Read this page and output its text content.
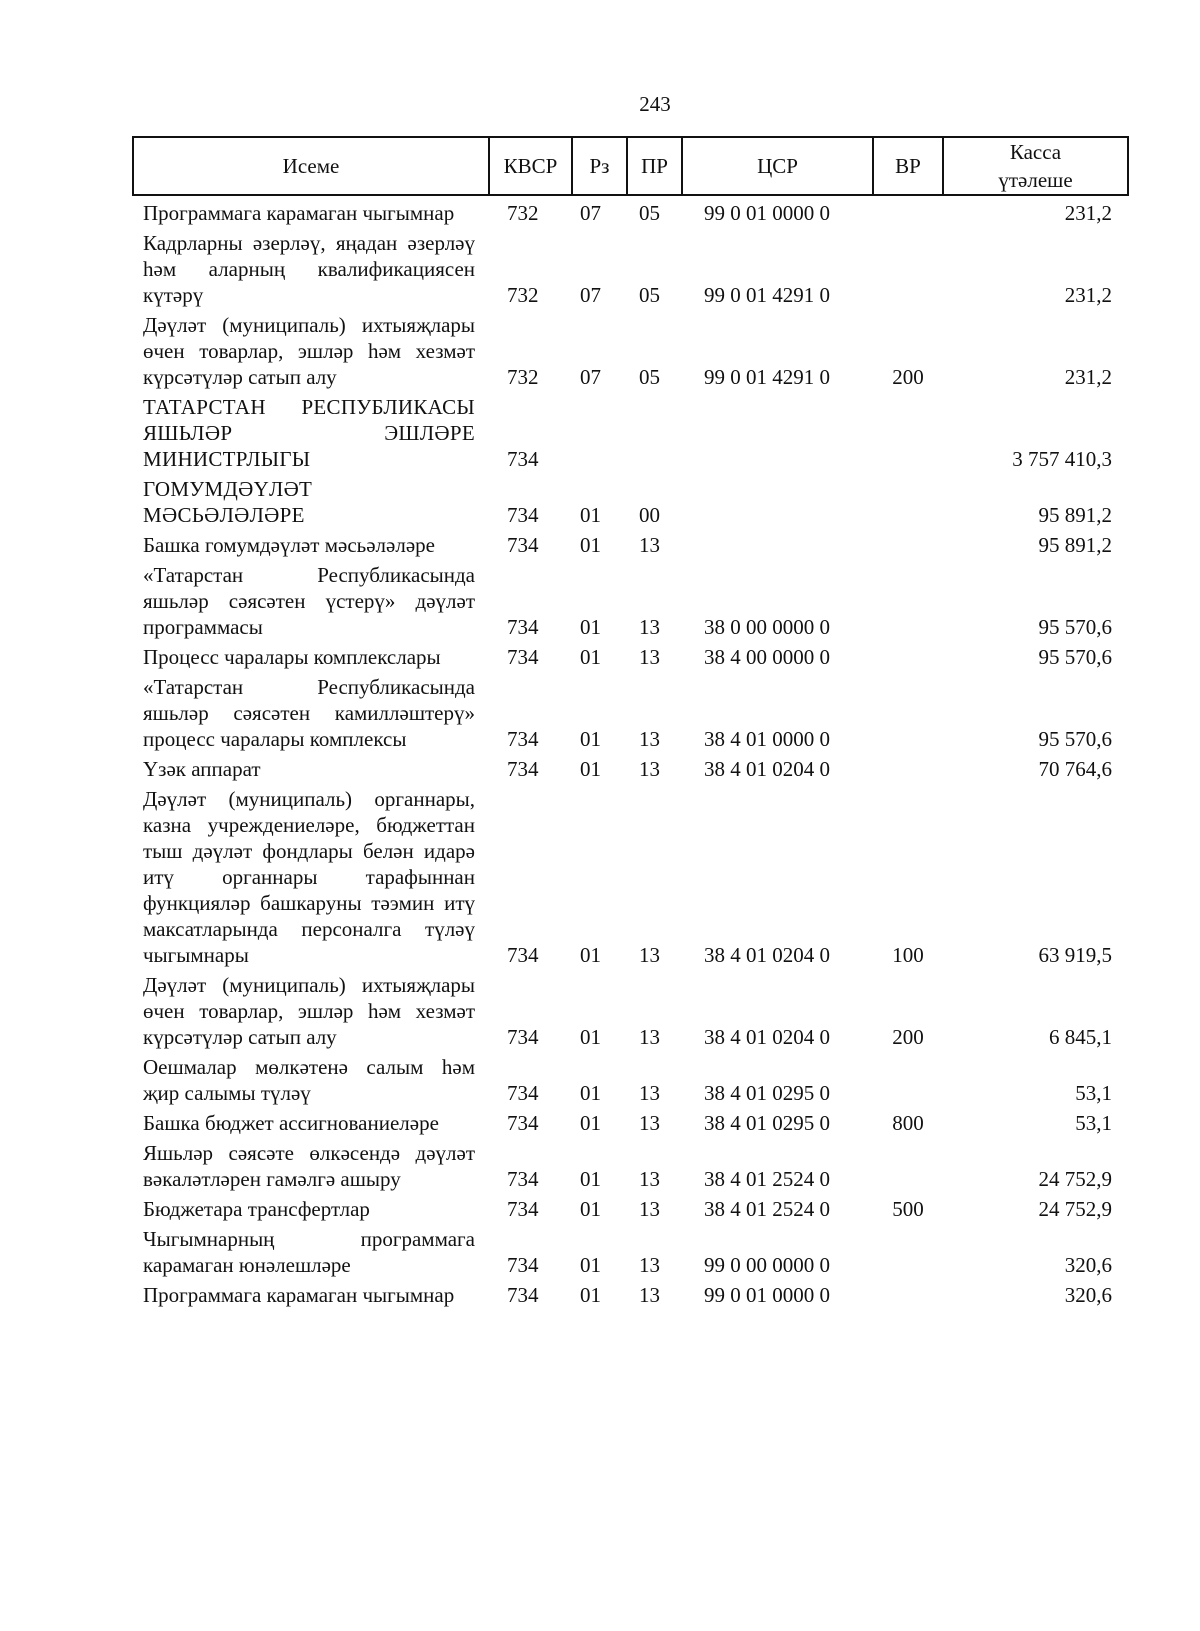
243
Исеме	КВСР	Рз	ПР	ЦСР	ВР	Касса
үтәлеше

Программага карамаган чыгымнар	732	07	05	99 0 01 0000 0		231,2
Кадрларны әзерләү, яңадан әзерләү һәм аларның квалификациясен күтәрү	732	07	05	99 0 01 4291 0		231,2
Дәүләт (муниципаль) ихтыяҗлары өчен товарлар, эшләр һәм хезмәт күрсәтүләр сатып алу	732	07	05	99 0 01 4291 0	200	231,2
ТАТАРСТАН РЕСПУБЛИКАСЫ ЯШЬЛӘР ЭШЛӘРЕ МИНИСТРЛЫГЫ	734					3 757 410,3
ГОМУМДӘҮЛӘТ МӘСЬӘЛӘЛӘРЕ	734	01	00			95 891,2
Башка гомумдәүләт мәсьәләләре	734	01	13			95 891,2
«Татарстан Республикасында яшьләр сәясәтен үстерү» дәүләт программасы	734	01	13	38 0 00 0000 0		95 570,6
Процесс чаралары комплекслары	734	01	13	38 4 00 0000 0		95 570,6
«Татарстан Республикасында яшьләр сәясәтен камилләштерү» процесс чаралары комплексы	734	01	13	38 4 01 0000 0		95 570,6
Үзәк аппарат	734	01	13	38 4 01 0204 0		70 764,6
Дәүләт (муниципаль) органнары, казна учреждениеләре, бюджеттан тыш дәүләт фондлары белән идарә итү органнары тарафыннан функцияләр башкаруны тәэмин итү максатларында персоналга түләү чыгымнары	734	01	13	38 4 01 0204 0	100	63 919,5
Дәүләт (муниципаль) ихтыяҗлары өчен товарлар, эшләр һәм хезмәт күрсәтүләр сатып алу	734	01	13	38 4 01 0204 0	200	6 845,1
Оешмалар мөлкәтенә салым һәм җир салымы түләү	734	01	13	38 4 01 0295 0		53,1
Башка бюджет ассигнованиеләре	734	01	13	38 4 01 0295 0	800	53,1
Яшьләр сәясәте өлкәсендә дәүләт вәкаләтләрен гамәлгә ашыру	734	01	13	38 4 01 2524 0		24 752,9
Бюджетара трансфертлар	734	01	13	38 4 01 2524 0	500	24 752,9
Чыгымнарның программага карамаган юнәлешләре	734	01	13	99 0 00 0000 0		320,6
Программага карамаган чыгымнар	734	01	13	99 0 01 0000 0		320,6
